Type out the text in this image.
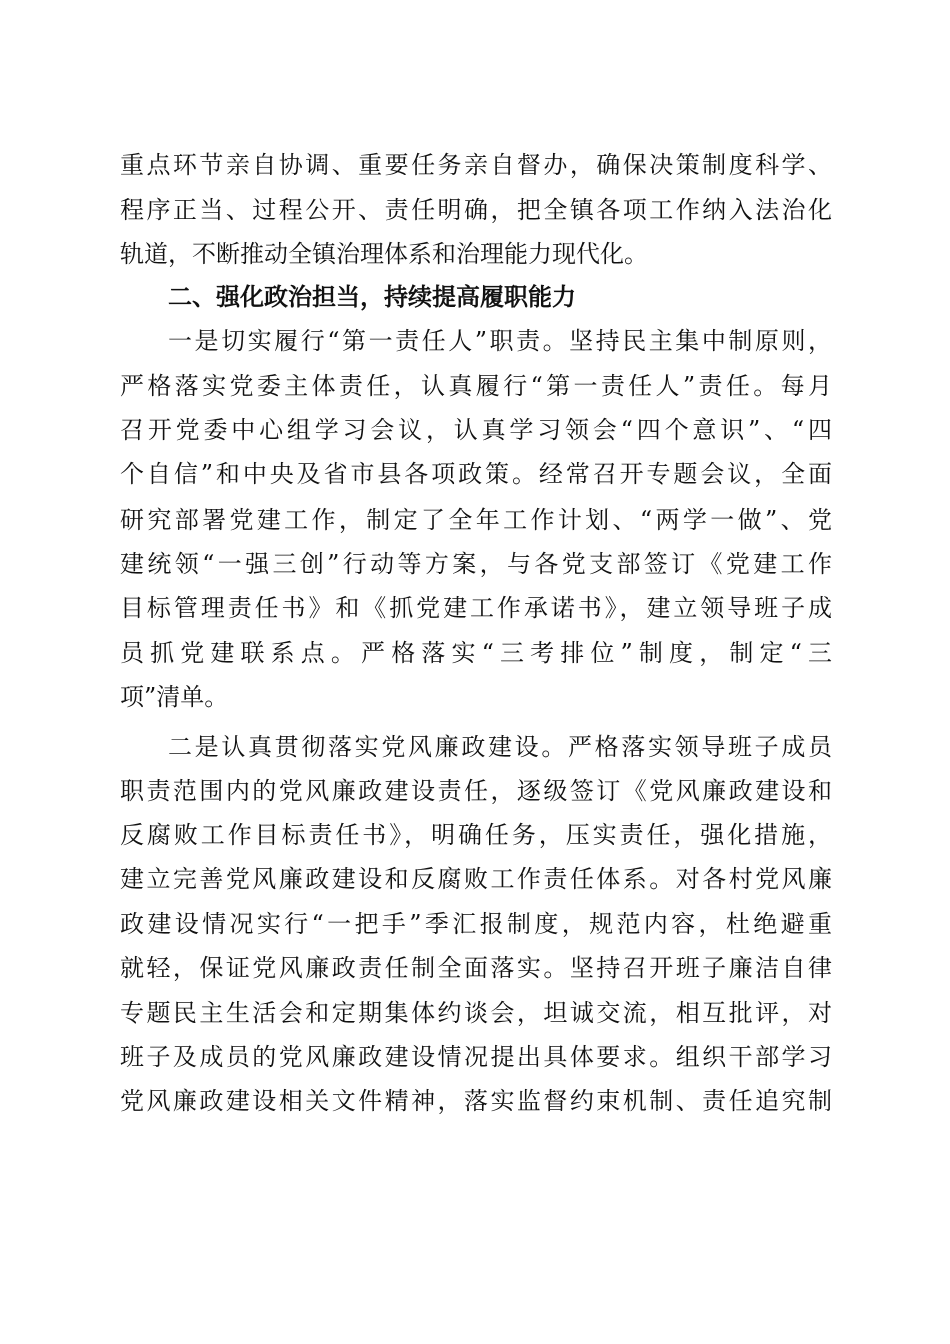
重点环节亲自协调、重要任务亲自督办，确保决策制度科学、
程序正当、过程公开、责任明确，把全镇各项工作纳入法治化
轨道，不断推动全镇治理体系和治理能力现代化。
二、强化政治担当，持续提高履职能力
一是切实履行“第一责任人”职责。坚持民主集中制原则，
严格落实党委主体责任，认真履行“第一责任人”责任。每月
召开党委中心组学习会议，认真学习领会“四个意识”、“四
个自信”和中央及省市县各项政策。经常召开专题会议，全面
研究部署党建工作，制定了全年工作计划、“两学一做”、党
建统领“一强三创”行动等方案，与各党支部签订《党建工作
目标管理责任书》和《抓党建工作承诺书》，建立领导班子成
员抓党建联系点。严格落实“三考排位”制度，制定“三
项”清单。
二是认真贯彻落实党风廉政建设。严格落实领导班子成员
职责范围内的党风廉政建设责任，逐级签订《党风廉政建设和
反腐败工作目标责任书》，明确任务，压实责任，强化措施，
建立完善党风廉政建设和反腐败工作责任体系。对各村党风廉
政建设情况实行“一把手”季汇报制度，规范内容，杜绝避重
就轻，保证党风廉政责任制全面落实。坚持召开班子廉洁自律
专题民主生活会和定期集体约谈会，坦诚交流，相互批评，对
班子及成员的党风廉政建设情况提出具体要求。组织干部学习
党风廉政建设相关文件精神，落实监督约束机制、责任追究制
